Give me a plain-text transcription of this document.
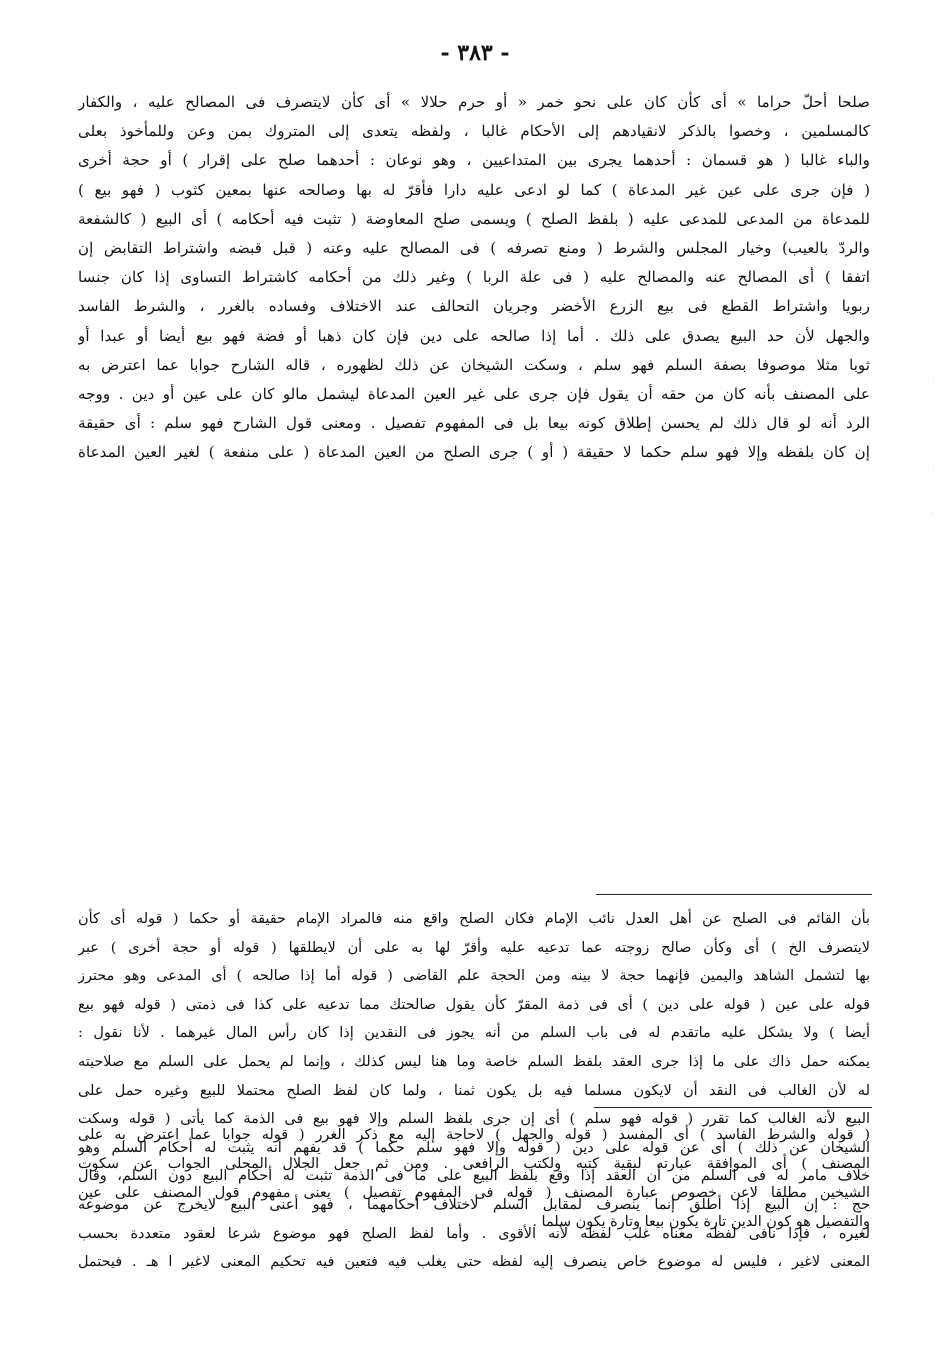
- ٣٨٣ -
صلحا أحلّ حراما » أى كأن كان على نحو خمر « أو حرم حلالا » أى كأن لايتصرف فى المصالح عليه ، والكفار
كالمسلمين ، وخصوا بالذكر لانقيادهم إلى الأحكام غالبا ، ولفظه يتعدى إلى المتروك بمن وعن وللمأخوذ بعلى
والباء غالبا ( هو قسمان : أحدهما يجرى بين المتداعيين ، وهو نوعان : أحدهما صلح على إقرار ) أو حجة أخرى
( فإن جرى على عين غير المدعاة ) كما لو ادعى عليه دارا فأقرّ له بها وصالحه عنها بمعين كثوب ( فهو بيع )
للمدعاة من المدعى للمدعى عليه ( بلفظ الصلح ) ويسمى صلح المعاوضة ( تثبت فيه أحكامه ) أى البيع ( كالشفعة
والردّ بالعيب) وخيار المجلس والشرط ( ومنع تصرفه ) فى المصالح عليه وعنه ( قبل قبضه واشتراط التقابض إن
اتفقا ) أى المصالح عنه والمصالح عليه ( فى علة الربا ) وغير ذلك من أحكامه كاشتراط التساوى إذا كان جنسا
ربويا واشتراط القطع فى بيع الزرع الأخضر وجريان التحالف عند الاختلاف وفساده بالغرر ، والشرط الفاسد
والجهل لأن حد البيع يصدق على ذلك . أما إذا صالحه على دين فإن كان ذهبا أو فضة فهو بيع أيضا أو عبدا أو
ثوبا مثلا موصوفا بصفة السلم فهو سلم ، وسكت الشيخان عن ذلك لظهوره ، قاله الشارح جوابا عما اعترض به
على المصنف بأنه كان من حقه أن يقول فإن جرى على غير العين المدعاة ليشمل مالو كان على عين أو دين . ووجه
الرد أنه لو قال ذلك لم يحسن إطلاق كونه بيعا بل فى المفهوم تفصيل . ومعنى قول الشارح فهو سلم : أى حقيقة
إن كان بلفظه وإلا فهو سلم حكما لا حقيقة ( أو ) جرى الصلح من العين المدعاة ( على منفعة ) لغير العين المدعاة
بأن القائم فى الصلح عن أهل العدل نائب الإمام فكان الصلح واقع منه فالمراد الإمام حقيقة أو حكما ( قوله أى كأن
لايتصرف الخ ) أى وكأن صالح زوجته عما تدعيه عليه وأقرّ لها به على أن لايطلقها ( قوله أو حجة أخرى ) عبر
بها لتشمل الشاهد واليمين فإنهما حجة لا بينه ومن الحجة علم القاضى ( قوله أما إذا صالحه ) أى المدعى وهو محترز
قوله على عين ( قوله على دين ) أى فى ذمة المقرّ كأن يقول صالحتك مما تدعيه على كذا فى ذمتى ( قوله فهو بيع
أيضا ) ولا يشكل عليه ماتقدم له فى باب السلم من أنه يجوز فى النقدين إذا كان رأس المال غيرهما . لأنا نقول :
يمكنه حمل ذاك على ما إذا جرى العقد بلفظ السلم خاصة وما هنا ليس كذلك ، وإنما لم يحمل على السلم مع صلاحيته
له لأن الغالب فى النقد أن لايكون مسلما فيه بل يكون ثمنا ، ولما كان لفظ الصلح محتملا للبيع وغيره حمل على
البيع لأنه الغالب كما تقرر ( قوله فهو سلم ) أى إن جرى بلفظ السلم وإلا فهو بيع فى الذمة كما يأتى ( قوله وسكت
الشيخان عن ذلك ) أى عن قوله على دين ( قوله وإلا فهو سلم حكما ) قد يفهم أنه يثبت له أحكام السلم وهو
خلاف مامر له فى السلم من أن العقد إذا وقع بلفظ البيع على ما فى الذمة تثبت له أحكام البيع دون السلم، وقال
حج : إن البيع إذا أطلق إنما ينصرف لمقابل السلم لاختلاف أحكامهما ، فهو أعنى البيع لايخرج عن موضوعه
لغيره ، فإذا نافى لفظه معناه غلب لفظه لأنه الأقوى . وأما لفظ الصلح فهو موضوع شرعا لعقود متعددة بحسب
المعنى لاغير ، فليس له موضوع خاص ينصرف إليه لفظه حتى يغلب فيه فتعين فيه تحكيم المعنى لاغير ا هـ . فيحتمل
( قوله والشرط الفاسد ) أى المفسد ( قوله والجهل ) لاحاجة إليه مع ذكر الغرر ( قوله جوابا عما اعترض به على
المصنف ) أى الموافقة عبارته لبقية كتبه ولكتب الرافعى . ومن ثم جعل الجلال المحلى الجواب عن سكوت
الشيخين مطلقا لاعن خصوص عبارة المصنف ( قوله فى المفهوم تفصيل ) يعنى مفهوم قول المصنف على عين
والتفصيل هو كون الدين تارة يكون بيعا وتارة يكون سلما .
·
·
·
